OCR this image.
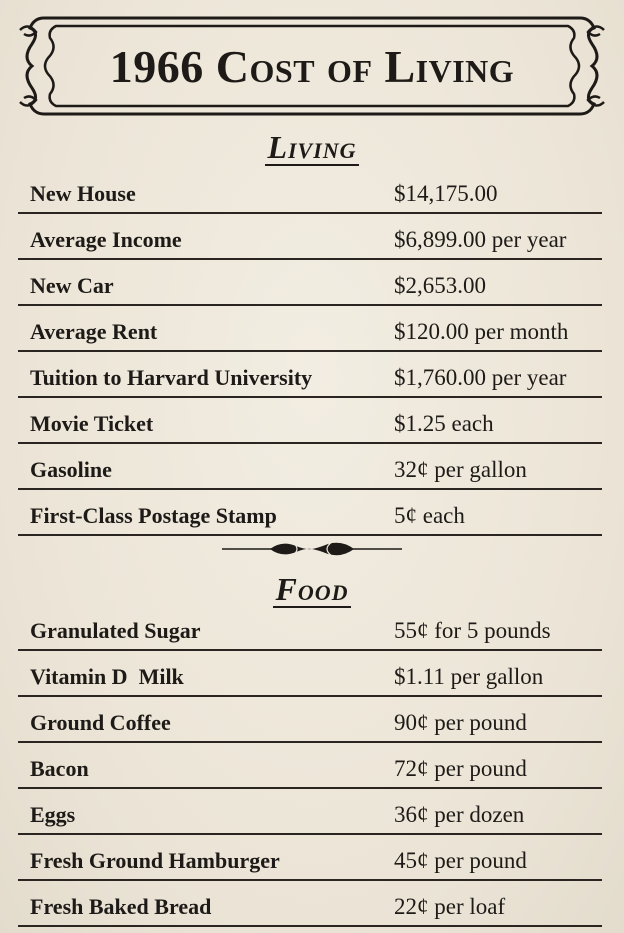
1966 Cost of Living
Living
New House	$14,175.00
Average Income	$6,899.00 per year
New Car	$2,653.00
Average Rent	$120.00 per month
Tuition to Harvard University	$1,760.00 per year
Movie Ticket	$1.25 each
Gasoline	32¢ per gallon
First-Class Postage Stamp	5¢ each
Food
Granulated Sugar	55¢ for 5 pounds
Vitamin D  Milk	$1.11 per gallon
Ground Coffee	90¢ per pound
Bacon	72¢ per pound
Eggs	36¢ per dozen
Fresh Ground Hamburger	45¢ per pound
Fresh Baked Bread	22¢ per loaf
